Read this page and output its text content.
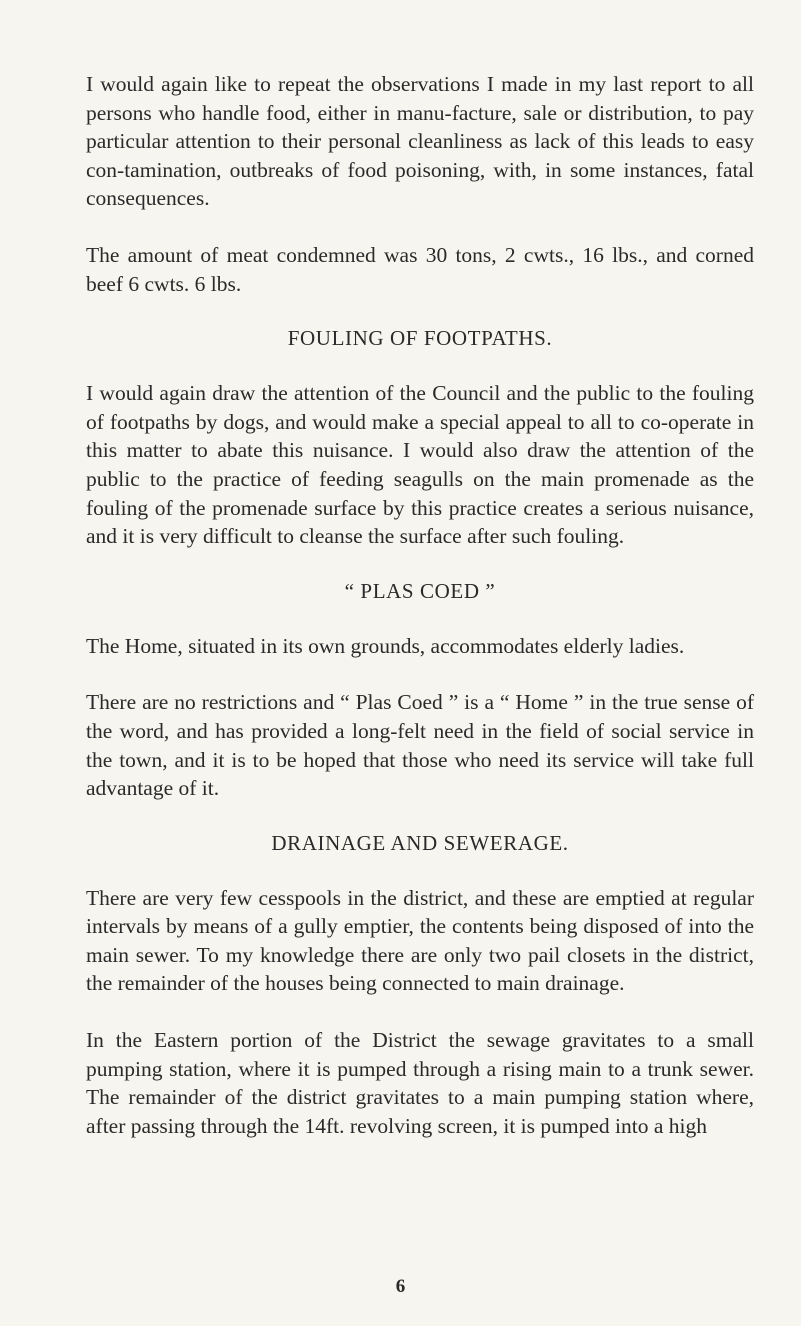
I would again like to repeat the observations I made in my last report to all persons who handle food, either in manu-facture, sale or distribution, to pay particular attention to their personal cleanliness as lack of this leads to easy con-tamination, outbreaks of food poisoning, with, in some instances, fatal consequences.

The amount of meat condemned was 30 tons, 2 cwts., 16 lbs., and corned beef 6 cwts. 6 lbs.

FOULING OF FOOTPATHS.

I would again draw the attention of the Council and the public to the fouling of footpaths by dogs, and would make a special appeal to all to co-operate in this matter to abate this nuisance. I would also draw the attention of the public to the practice of feeding seagulls on the main promenade as the fouling of the promenade surface by this practice creates a serious nuisance, and it is very difficult to cleanse the surface after such fouling.

“ PLAS COED ”

The Home, situated in its own grounds, accommodates elderly ladies.

There are no restrictions and “ Plas Coed ” is a “ Home ” in the true sense of the word, and has provided a long-felt need in the field of social service in the town, and it is to be hoped that those who need its service will take full advantage of it.

DRAINAGE AND SEWERAGE.

There are very few cesspools in the district, and these are emptied at regular intervals by means of a gully emptier, the contents being disposed of into the main sewer. To my knowledge there are only two pail closets in the district, the remainder of the houses being connected to main drainage.

In the Eastern portion of the District the sewage gravitates to a small pumping station, where it is pumped through a rising main to a trunk sewer. The remainder of the district gravitates to a main pumping station where, after passing through the 14ft. revolving screen, it is pumped into a high

6
